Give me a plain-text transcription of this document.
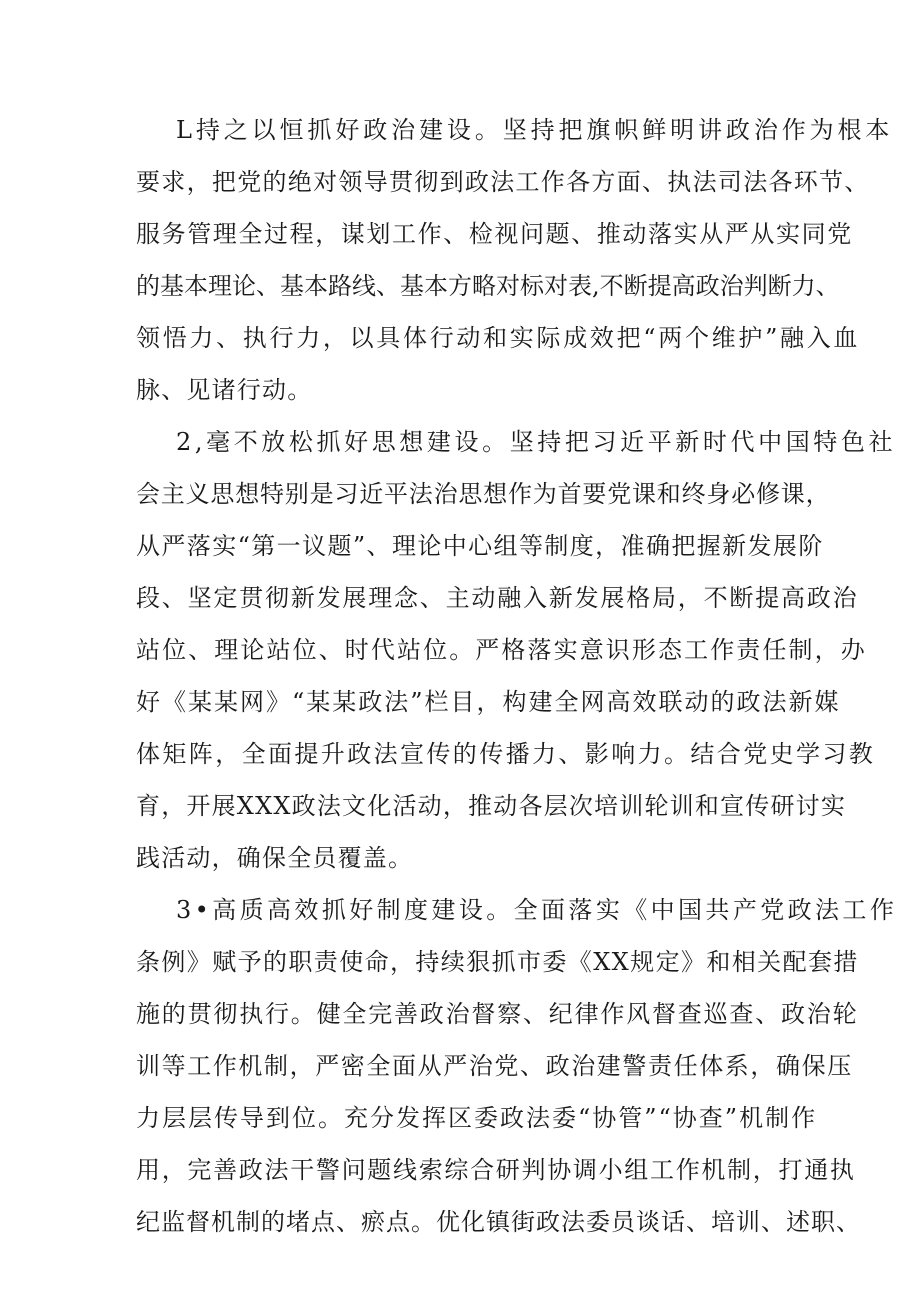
L持之以恒抓好政治建设。坚持把旗帜鲜明讲政治作为根本

要求，把党的绝对领导贯彻到政法工作各方面、执法司法各环节、

服务管理全过程，谋划工作、检视问题、推动落实从严从实同党

的基本理论、基本路线、基本方略对标对表,不断提高政治判断力、

领悟力、执行力，以具体行动和实际成效把“两个维护”融入血

脉、见诸行动。

2,毫不放松抓好思想建设。坚持把习近平新时代中国特色社

会主义思想特别是习近平法治思想作为首要党课和终身必修课，

从严落实“第一议题”、理论中心组等制度，准确把握新发展阶

段、坚定贯彻新发展理念、主动融入新发展格局，不断提高政治

站位、理论站位、时代站位。严格落实意识形态工作责任制，办

好《某某网》“某某政法”栏目，构建全网高效联动的政法新媒

体矩阵，全面提升政法宣传的传播力、影响力。结合党史学习教

育，开展XXX政法文化活动，推动各层次培训轮训和宣传研讨实

践活动，确保全员覆盖。

3•高质高效抓好制度建设。全面落实《中国共产党政法工作

条例》赋予的职责使命，持续狠抓市委《XX规定》和相关配套措

施的贯彻执行。健全完善政治督察、纪律作风督查巡查、政治轮

训等工作机制，严密全面从严治党、政治建警责任体系，确保压

力层层传导到位。充分发挥区委政法委“协管”“协查”机制作

用，完善政法干警问题线索综合研判协调小组工作机制，打通执

纪监督机制的堵点、瘀点。优化镇街政法委员谈话、培训、述职、
